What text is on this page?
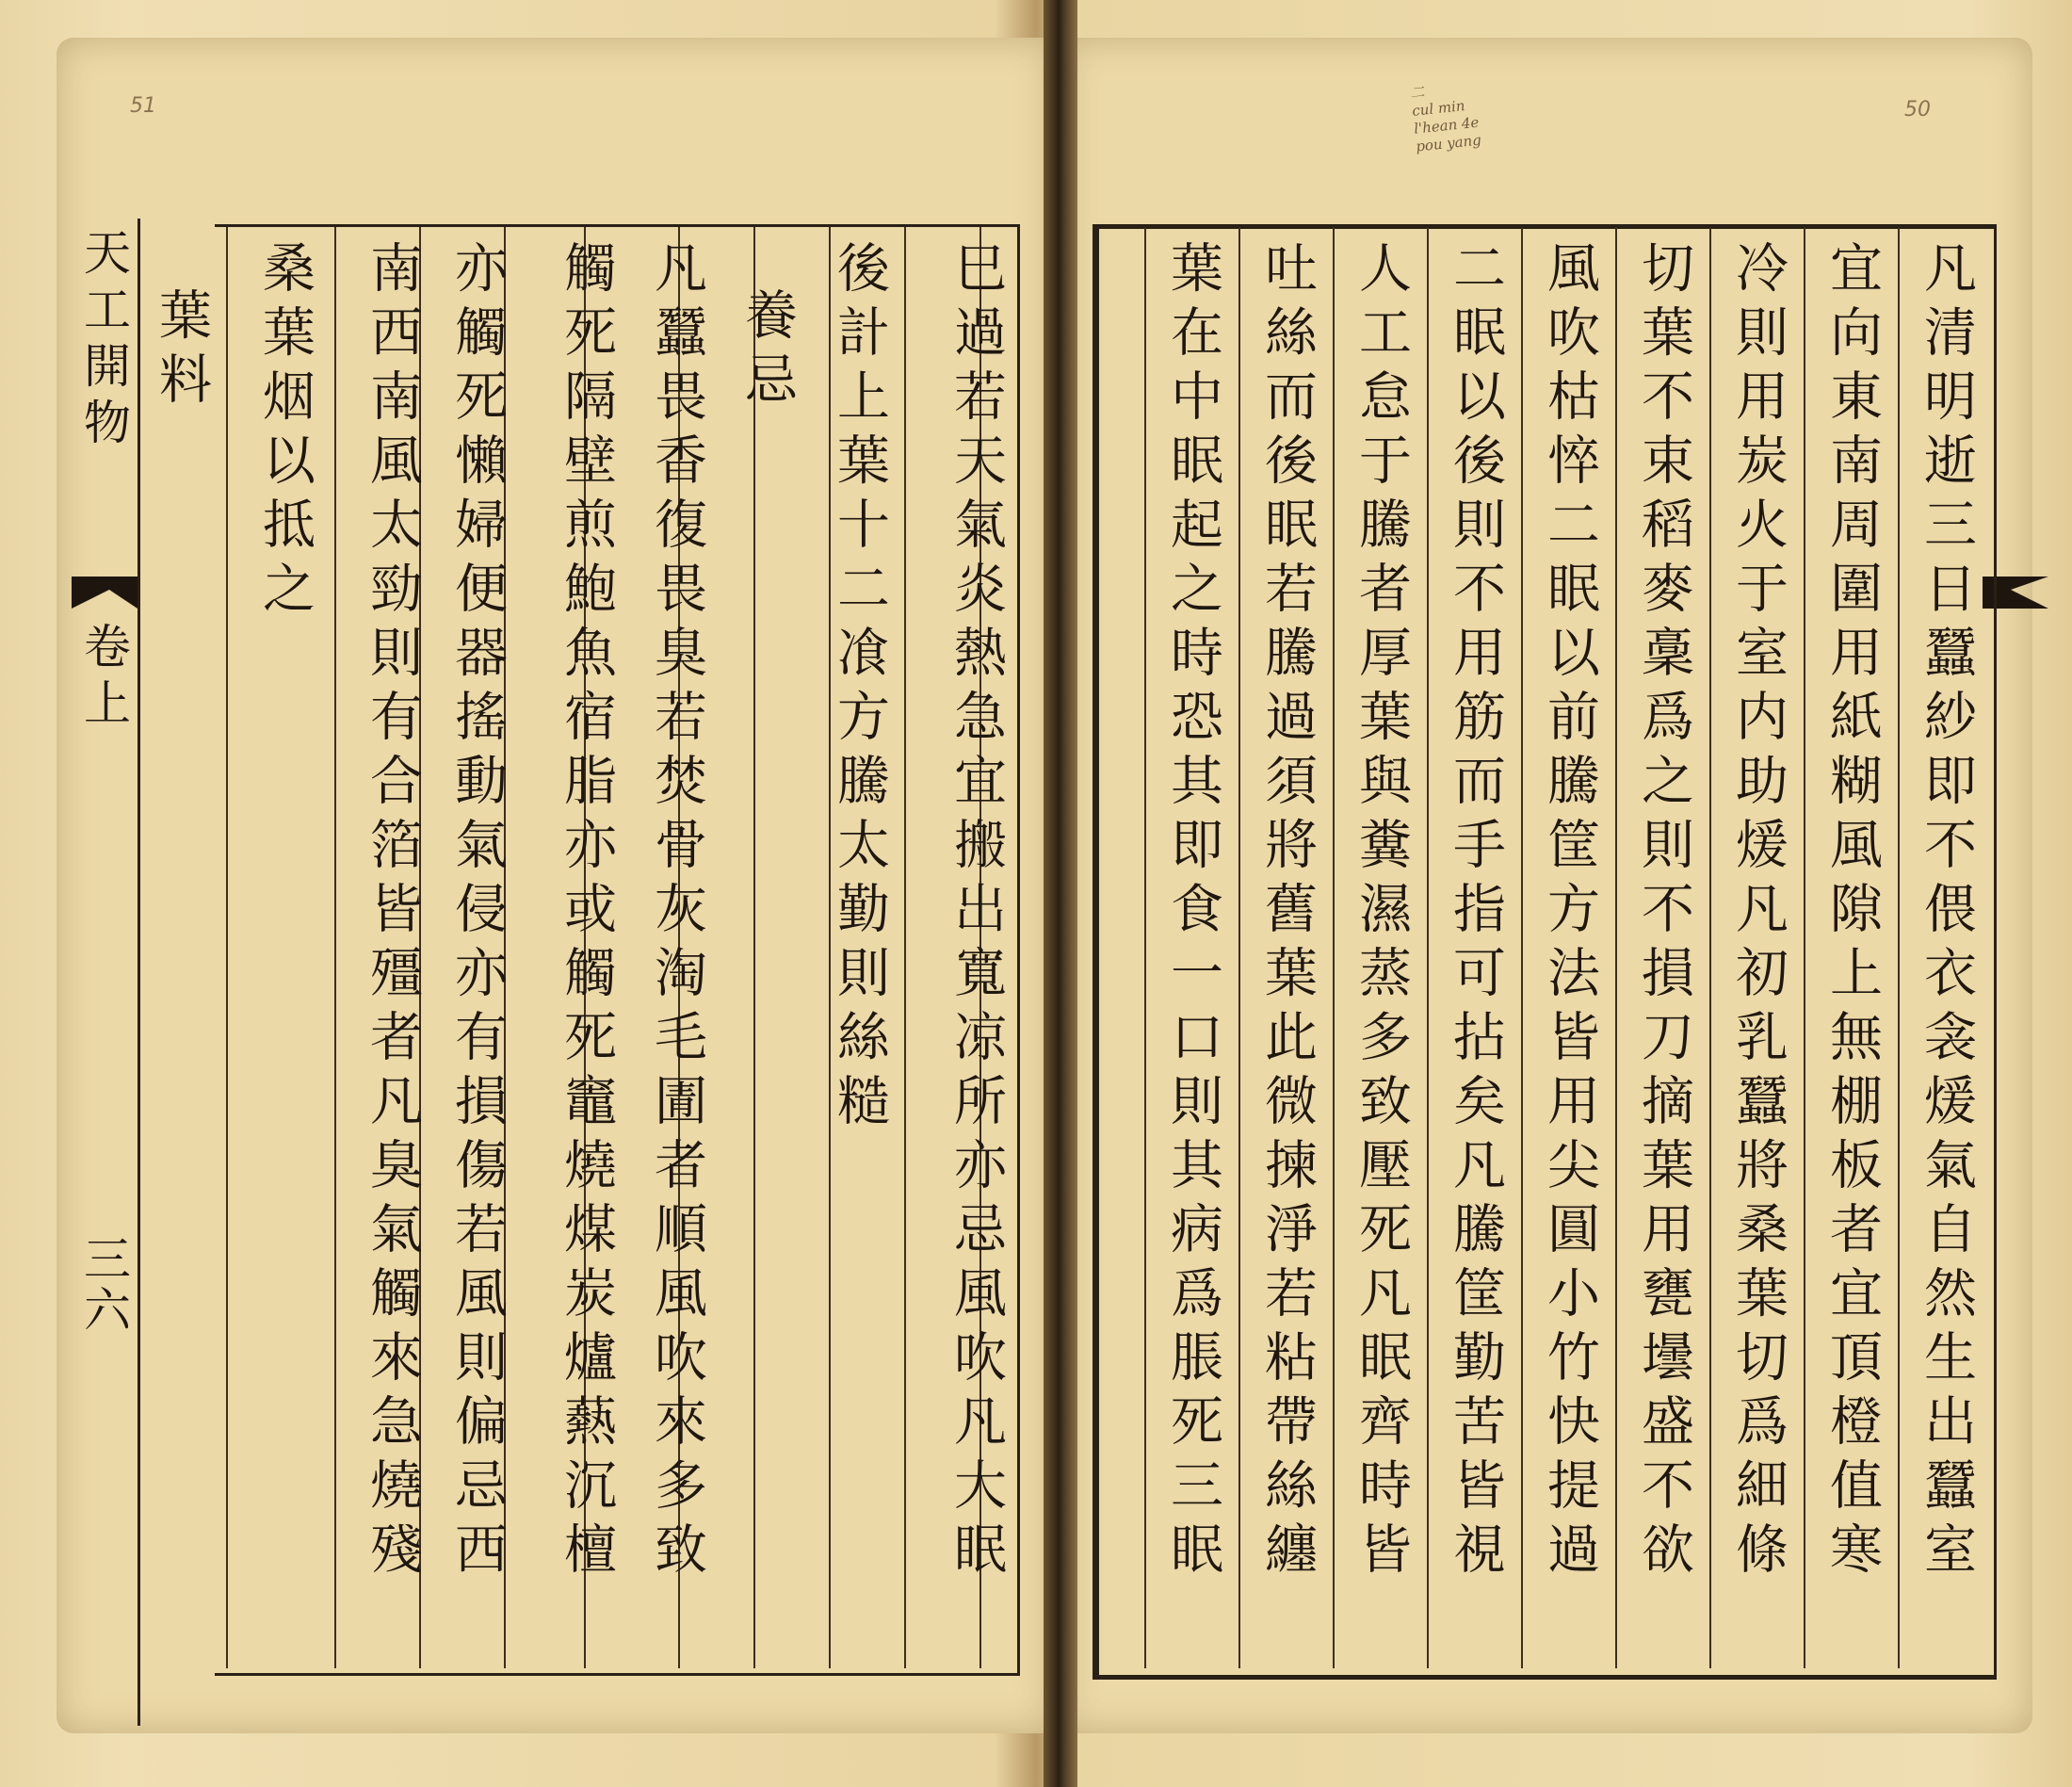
51	50
二
cul min
l'hean 4e
pou yang
天工開物
卷上
三六	巳過若天氣炎熱急宜搬出寬凉所亦忌風吹凡大眠
後計上葉十二飡方騰太勤則絲糙
養忌
凡蠶畏香復畏臭若焚骨灰淘毛圊者順風吹來多致
觸死隔壁煎鮑魚宿脂亦或觸死竈燒煤炭爐爇沉檀
亦觸死懶婦便器搖動氣侵亦有損傷若風則偏忌西
南西南風太勁則有合箔皆殭者凡臭氣觸來急燒殘
桑葉烟以抵之
葉料	凡清明逝三日蠶紗即不偎衣衾煖氣自然生出蠶室
宜向東南周圍用紙糊風隙上無棚板者宜頂橙值寒
冷則用炭火于室内助煖凡初乳蠶將桑葉切爲細條
切葉不束稻麥稾爲之則不損刀摘葉用甕壜盛不欲
風吹枯悴二眠以前騰筐方法皆用尖圓小竹快提過
二眠以後則不用筋而手指可拈矣凡騰筐勤苦皆視
人工怠于騰者厚葉與糞濕蒸多致壓死凡眠齊時皆
吐絲而後眠若騰過須將舊葉此微揀淨若粘帶絲纏
葉在中眠起之時恐其即食一口則其病爲脹死三眠
